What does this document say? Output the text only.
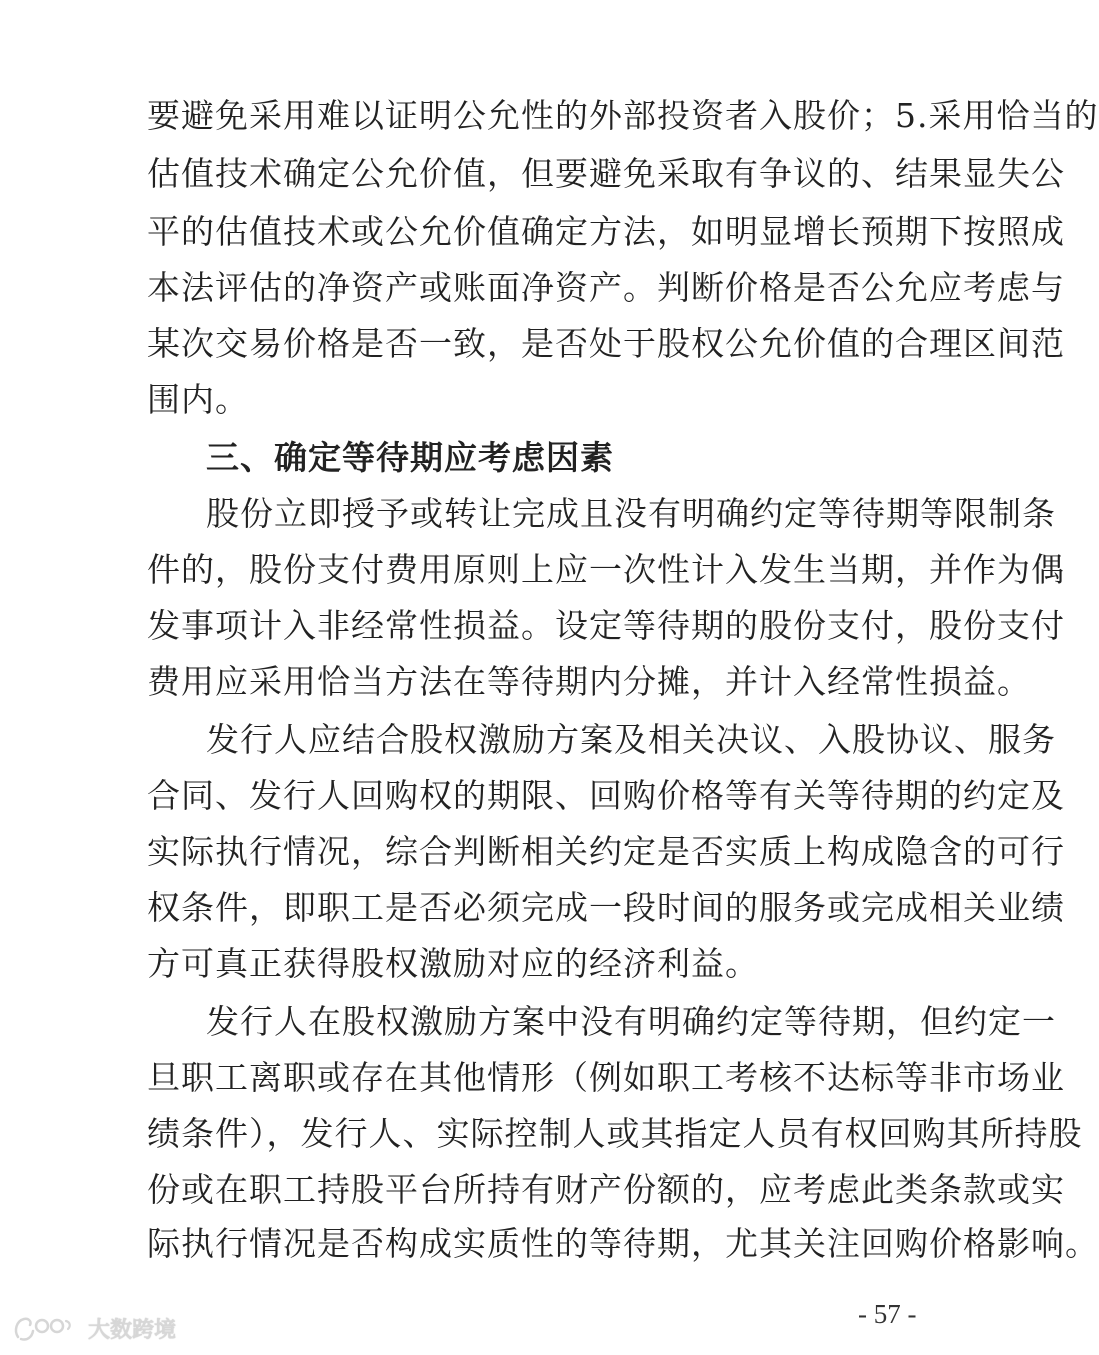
要避免采用难以证明公允性的外部投资者入股价；5.采用恰当的
估值技术确定公允价值，但要避免采取有争议的、结果显失公
平的估值技术或公允价值确定方法，如明显增长预期下按照成
本法评估的净资产或账面净资产。判断价格是否公允应考虑与
某次交易价格是否一致，是否处于股权公允价值的合理区间范
围内。
三、确定等待期应考虑因素
股份立即授予或转让完成且没有明确约定等待期等限制条
件的，股份支付费用原则上应一次性计入发生当期，并作为偶
发事项计入非经常性损益。设定等待期的股份支付，股份支付
费用应采用恰当方法在等待期内分摊，并计入经常性损益。
发行人应结合股权激励方案及相关决议、入股协议、服务
合同、发行人回购权的期限、回购价格等有关等待期的约定及
实际执行情况，综合判断相关约定是否实质上构成隐含的可行
权条件，即职工是否必须完成一段时间的服务或完成相关业绩
方可真正获得股权激励对应的经济利益。
发行人在股权激励方案中没有明确约定等待期，但约定一
旦职工离职或存在其他情形（例如职工考核不达标等非市场业
绩条件），发行人、实际控制人或其指定人员有权回购其所持股
份或在职工持股平台所持有财产份额的，应考虑此类条款或实
际执行情况是否构成实质性的等待期，尤其关注回购价格影响。
- 57 -
大数跨境
